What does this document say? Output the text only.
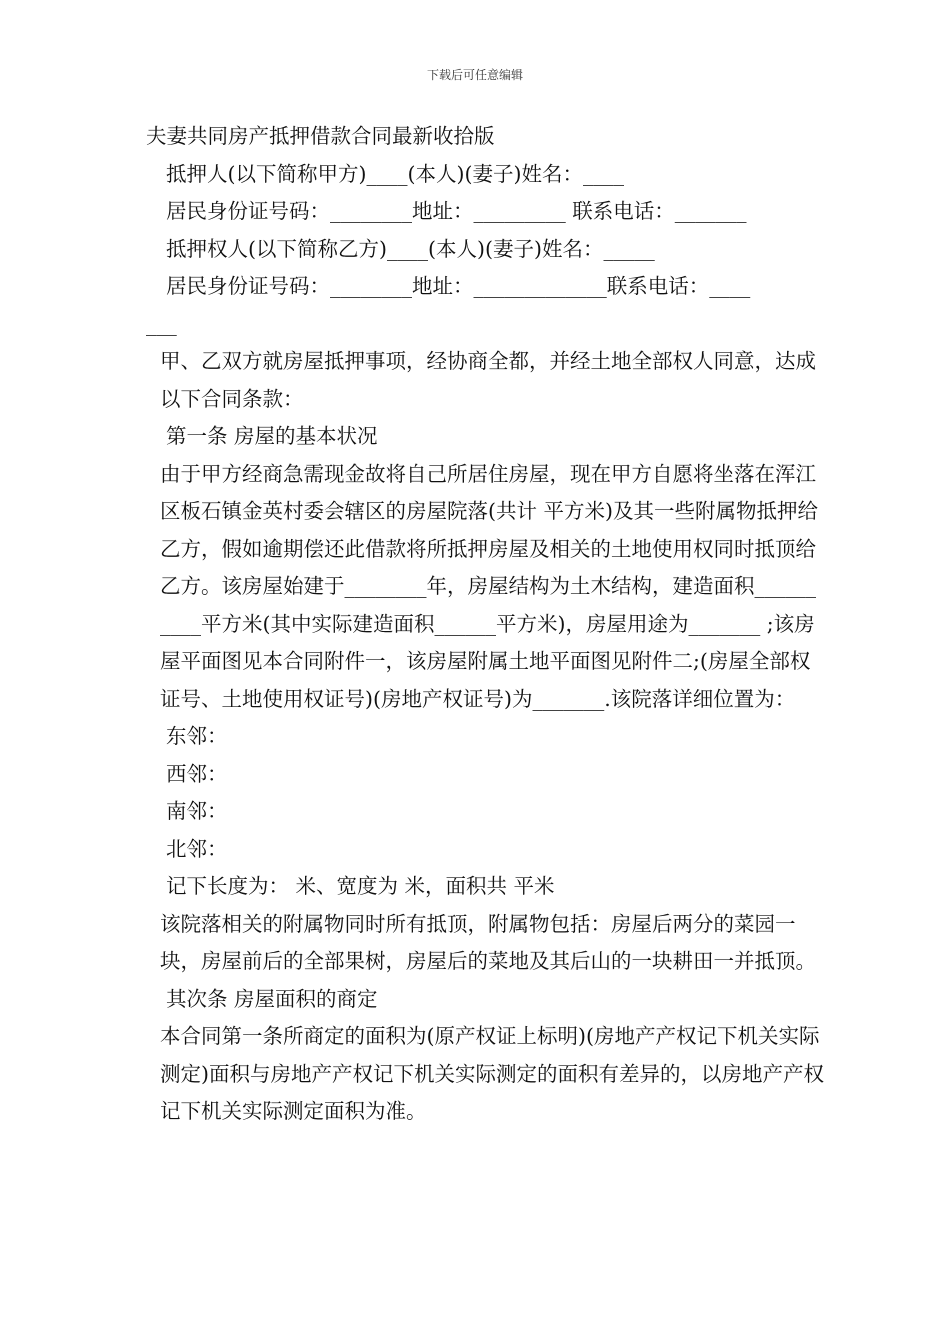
下载后可任意编辑

夫妻共同房产抵押借款合同最新收拾版

抵押人(以下简称甲方)____(本人)(妻子)姓名：____

居民身份证号码：________地址：_________ 联系电话：_______

抵押权人(以下简称乙方)____(本人)(妻子)姓名：_____

居民身份证号码：________地址：_____________联系电话：____

___

甲、乙双方就房屋抵押事项，经协商全都，并经土地全部权人同意，达成以下合同条款：

第一条 房屋的基本状况

由于甲方经商急需现金故将自己所居住房屋，现在甲方自愿将坐落在浑江区板石镇金英村委会辖区的房屋院落(共计 平方米)及其一些附属物抵押给乙方，假如逾期偿还此借款将所抵押房屋及相关的土地使用权同时抵顶给乙方。该房屋始建于________年，房屋结构为土木结构，建造面积__________平方米(其中实际建造面积______平方米)，房屋用途为_______ ;该房屋平面图见本合同附件一，该房屋附属土地平面图见附件二;(房屋全部权证号、土地使用权证号)(房地产权证号)为_______.该院落详细位置为：

东邻：

西邻：

南邻：

北邻：

记下长度为： 米、宽度为 米，面积共 平米

该院落相关的附属物同时所有抵顶，附属物包括：房屋后两分的菜园一块，房屋前后的全部果树，房屋后的菜地及其后山的一块耕田一并抵顶。

其次条 房屋面积的商定

本合同第一条所商定的面积为(原产权证上标明)(房地产产权记下机关实际测定)面积与房地产产权记下机关实际测定的面积有差异的，以房地产产权记下机关实际测定面积为准。
